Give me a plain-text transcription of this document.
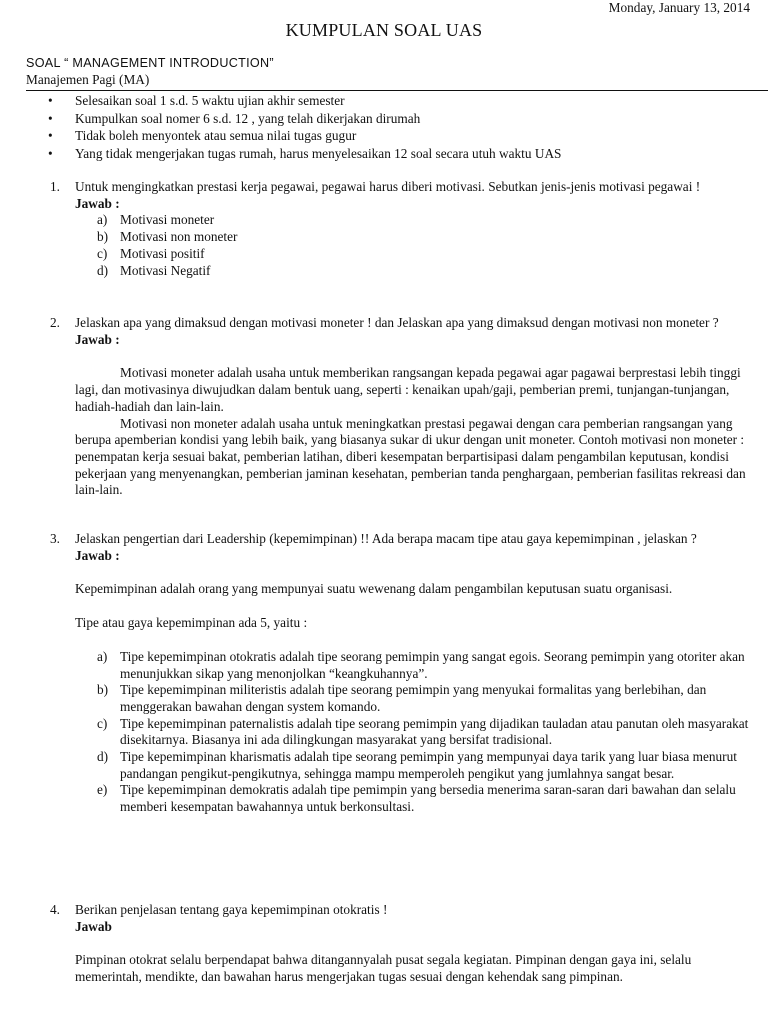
Monday, January 13, 2014
KUMPULAN SOAL UAS
SOAL “ MANAGEMENT INTRODUCTION”
Manajemen Pagi (MA)
• Selesaikan soal 1 s.d. 5 waktu ujian akhir semester
• Kumpulkan soal nomer 6 s.d. 12 , yang telah dikerjakan dirumah
• Tidak boleh menyontek atau semua nilai tugas gugur
• Yang tidak mengerjakan tugas rumah, harus menyelesaikan 12 soal secara utuh waktu UAS
1. Untuk mengingkatkan prestasi kerja pegawai, pegawai harus diberi motivasi. Sebutkan jenis-jenis motivasi pegawai !
Jawab :
a) Motivasi moneter
b) Motivasi non moneter
c) Motivasi positif
d) Motivasi Negatif
2. Jelaskan apa yang dimaksud dengan motivasi moneter ! dan Jelaskan apa yang dimaksud dengan motivasi non moneter ?
Jawab :
Motivasi moneter adalah usaha untuk memberikan rangsangan kepada pegawai agar pagawai berprestasi lebih tinggi lagi, dan motivasinya diwujudkan dalam bentuk uang, seperti : kenaikan upah/gaji, pemberian premi, tunjangan-tunjangan, hadiah-hadiah dan lain-lain.
Motivasi non moneter adalah usaha untuk meningkatkan prestasi pegawai dengan cara pemberian rangsangan yang berupa apemberian kondisi yang lebih baik, yang biasanya sukar di ukur dengan unit moneter. Contoh motivasi non moneter : penempatan kerja sesuai bakat, pemberian latihan, diberi kesempatan berpartisipasi dalam pengambilan keputusan, kondisi pekerjaan yang menyenangkan, pemberian jaminan kesehatan, pemberian tanda penghargaan, pemberian fasilitas rekreasi dan lain-lain.
3. Jelaskan pengertian dari Leadership (kepemimpinan) !! Ada berapa macam tipe atau gaya kepemimpinan , jelaskan ?
Jawab :
Kepemimpinan adalah orang yang mempunyai suatu wewenang dalam pengambilan keputusan suatu organisasi.
Tipe atau gaya kepemimpinan ada 5, yaitu :
a) Tipe kepemimpinan otokratis adalah tipe seorang pemimpin yang sangat egois. Seorang pemimpin yang otoriter akan menunjukkan sikap yang menonjolkan “keangkuhannya”.
b) Tipe kepemimpinan militeristis adalah tipe seorang pemimpin yang menyukai formalitas yang berlebihan, dan menggerakan bawahan dengan system komando.
c) Tipe kepemimpinan paternalistis adalah tipe seorang pemimpin yang dijadikan tauladan atau panutan oleh masyarakat disekitarnya. Biasanya ini ada dilingkungan masyarakat yang bersifat tradisional.
d) Tipe kepemimpinan kharismatis adalah tipe seorang pemimpin yang mempunyai daya tarik yang luar biasa menurut pandangan pengikut-pengikutnya, sehingga mampu memperoleh pengikut yang jumlahnya sangat besar.
e) Tipe kepemimpinan demokratis adalah tipe pemimpin yang bersedia menerima saran-saran dari bawahan dan selalu memberi kesempatan bawahannya untuk berkonsultasi.
4. Berikan penjelasan tentang gaya kepemimpinan otokratis !
Jawab
Pimpinan otokrat selalu berpendapat bahwa ditangannyalah pusat segala kegiatan. Pimpinan dengan gaya ini, selalu memerintah, mendikte, dan bawahan harus mengerjakan tugas sesuai dengan kehendak sang pimpinan.
